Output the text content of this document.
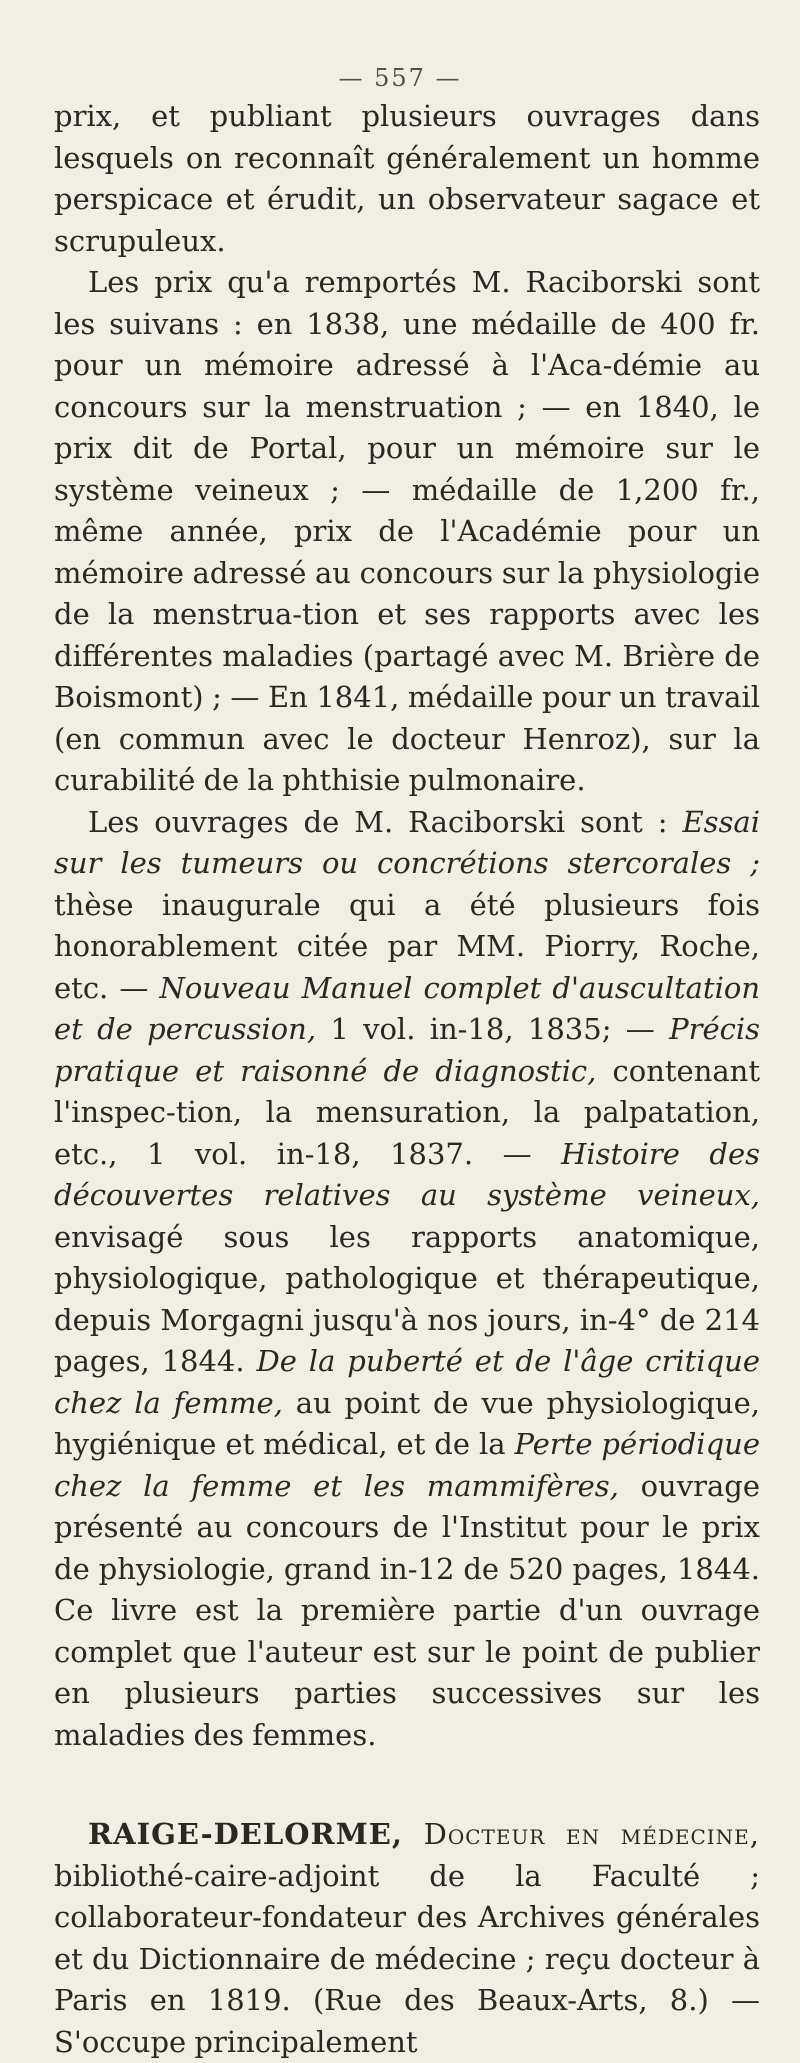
— 557 —

prix, et publiant plusieurs ouvrages dans lesquels on reconnaît généralement un homme perspicace et érudit, un observateur sagace et scrupuleux.

Les prix qu'a remportés M. Raciborski sont les suivans : en 1838, une médaille de 400 fr. pour un mémoire adressé à l'Aca-démie au concours sur la menstruation ; — en 1840, le prix dit de Portal, pour un mémoire sur le système veineux ; — médaille de 1,200 fr., même année, prix de l'Académie pour un mémoire adressé au concours sur la physiologie de la menstrua-tion et ses rapports avec les différentes maladies (partagé avec M. Brière de Boismont) ; — En 1841, médaille pour un travail (en commun avec le docteur Henroz), sur la curabilité de la phthisie pulmonaire.

Les ouvrages de M. Raciborski sont : Essai sur les tumeurs ou concrétions stercorales ; thèse inaugurale qui a été plusieurs fois honorablement citée par MM. Piorry, Roche, etc. — Nouveau Manuel complet d'auscultation et de percussion, 1 vol. in-18, 1835; — Précis pratique et raisonné de diagnostic, contenant l'inspec-tion, la mensuration, la palpatation, etc., 1 vol. in-18, 1837. — Histoire des découvertes relatives au système veineux, envisagé sous les rapports anatomique, physiologique, pathologique et thérapeutique, depuis Morgagni jusqu'à nos jours, in-4° de 214 pages, 1844. De la puberté et de l'âge critique chez la femme, au point de vue physiologique, hygiénique et médical, et de la Perte périodique chez la femme et les mammifères, ouvrage présenté au concours de l'Institut pour le prix de physiologie, grand in-12 de 520 pages, 1844. Ce livre est la première partie d'un ouvrage complet que l'auteur est sur le point de publier en plusieurs parties successives sur les maladies des femmes.

RAIGE-DELORME, Docteur en médecine, bibliothé-caire-adjoint de la Faculté ; collaborateur-fondateur des Archives générales et du Dictionnaire de médecine ; reçu docteur à Paris en 1819. (Rue des Beaux-Arts, 8.) — S'occupe principalement
